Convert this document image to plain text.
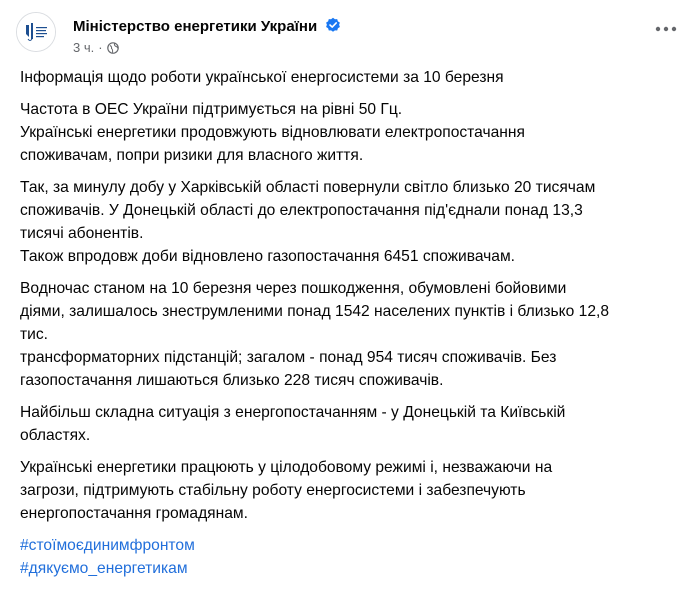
Міністерство енергетики України
3 ч. ·

Інформація щодо роботи української енергосистеми за 10 березня

Частота в ОЕС України підтримується на рівні 50 Гц.
Українські енергетики продовжують відновлювати електропостачання
споживачам, попри ризики для власного життя.

Так, за минулу добу у Харківській області повернули світло близько 20 тисячам
споживачів. У Донецькій області до електропостачання під'єднали понад 13,3
тисячі абонентів.
Також впродовж доби відновлено газопостачання 6451 споживачам.

Водночас станом на 10 березня через пошкодження, обумовлені бойовими
діями, залишалось знеструмленими понад 1542 населених пунктів і близько 12,8
тис.
трансформаторних підстанцій; загалом - понад 954 тисяч споживачів. Без
газопостачання лишаються близько 228 тисяч споживачів.

Найбільш складна ситуація з енергопостачанням - у Донецькій та Київській
областях.

Українські енергетики працюють у цілодобовому режимі і, незважаючи на
загрози, підтримують стабільну роботу енергосистеми і забезпечують
енергопостачання громадянам.

#стоїмоєдинимфронтом
#дякуємо_енергетикам
